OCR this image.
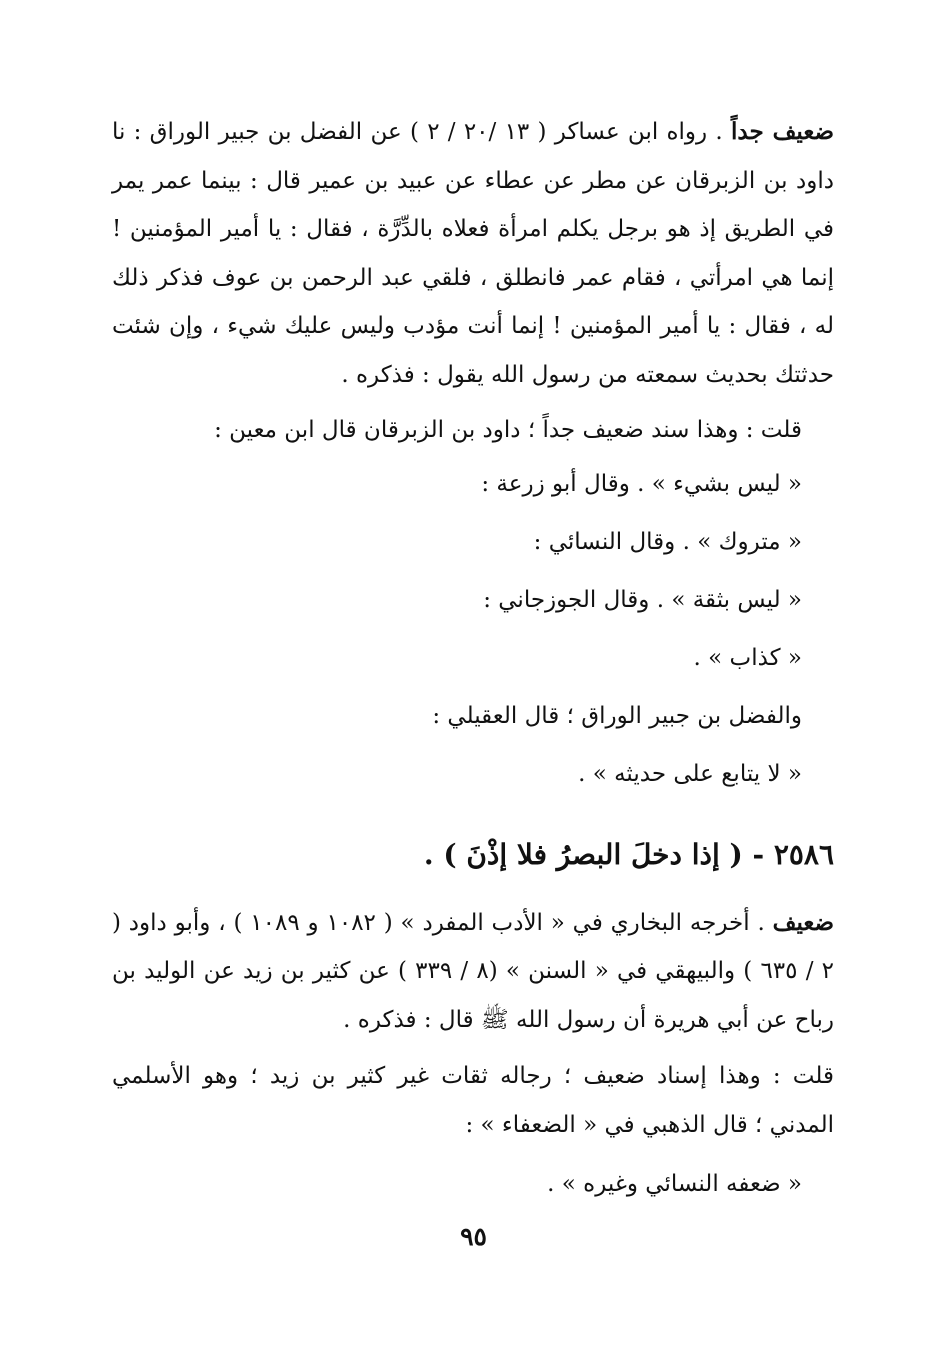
ضعيف جداً . رواه ابن عساكر ( ١٣ /٢٠ / ٢ ) عن الفضل بن جبير الوراق : نا داود بن الزبرقان عن مطر عن عطاء عن عبيد بن عمير قال : بينما عمر يمر في الطريق إذ هو برجل يكلم امرأة فعلاه بالدِّرَّة ، فقال : يا أمير المؤمنين ! إنما هي امرأتي ، فقام عمر فانطلق ، فلقي عبد الرحمن بن عوف فذكر ذلك له ، فقال : يا أمير المؤمنين ! إنما أنت مؤدب وليس عليك شيء ، وإن شئت حدثتك بحديث سمعته من رسول الله يقول : فذكره .

قلت : وهذا سند ضعيف جداً ؛ داود بن الزبرقان قال ابن معين :

« ليس بشيء » . وقال أبو زرعة :

« متروك » . وقال النسائي :

« ليس بثقة » . وقال الجوزجاني :

« كذاب » .

والفضل بن جبير الوراق ؛ قال العقيلي :

« لا يتابع على حديثه » .

٢٥٨٦ - ( إذا دخلَ البصرُ فلا إذْنَ ) .

ضعيف . أخرجه البخاري في « الأدب المفرد » ( ١٠٨٢ و ١٠٨٩ ) ، وأبو داود ( ٢ / ٦٣٥ ) والبيهقي في « السنن » (٨ / ٣٣٩ ) عن كثير بن زيد عن الوليد بن رباح عن أبي هريرة أن رسول الله ﷺ قال : فذكره .

قلت : وهذا إسناد ضعيف ؛ رجاله ثقات غير كثير بن زيد ؛ وهو الأسلمي المدني ؛ قال الذهبي في « الضعفاء » :

« ضعفه النسائي وغيره » .

٩٥
